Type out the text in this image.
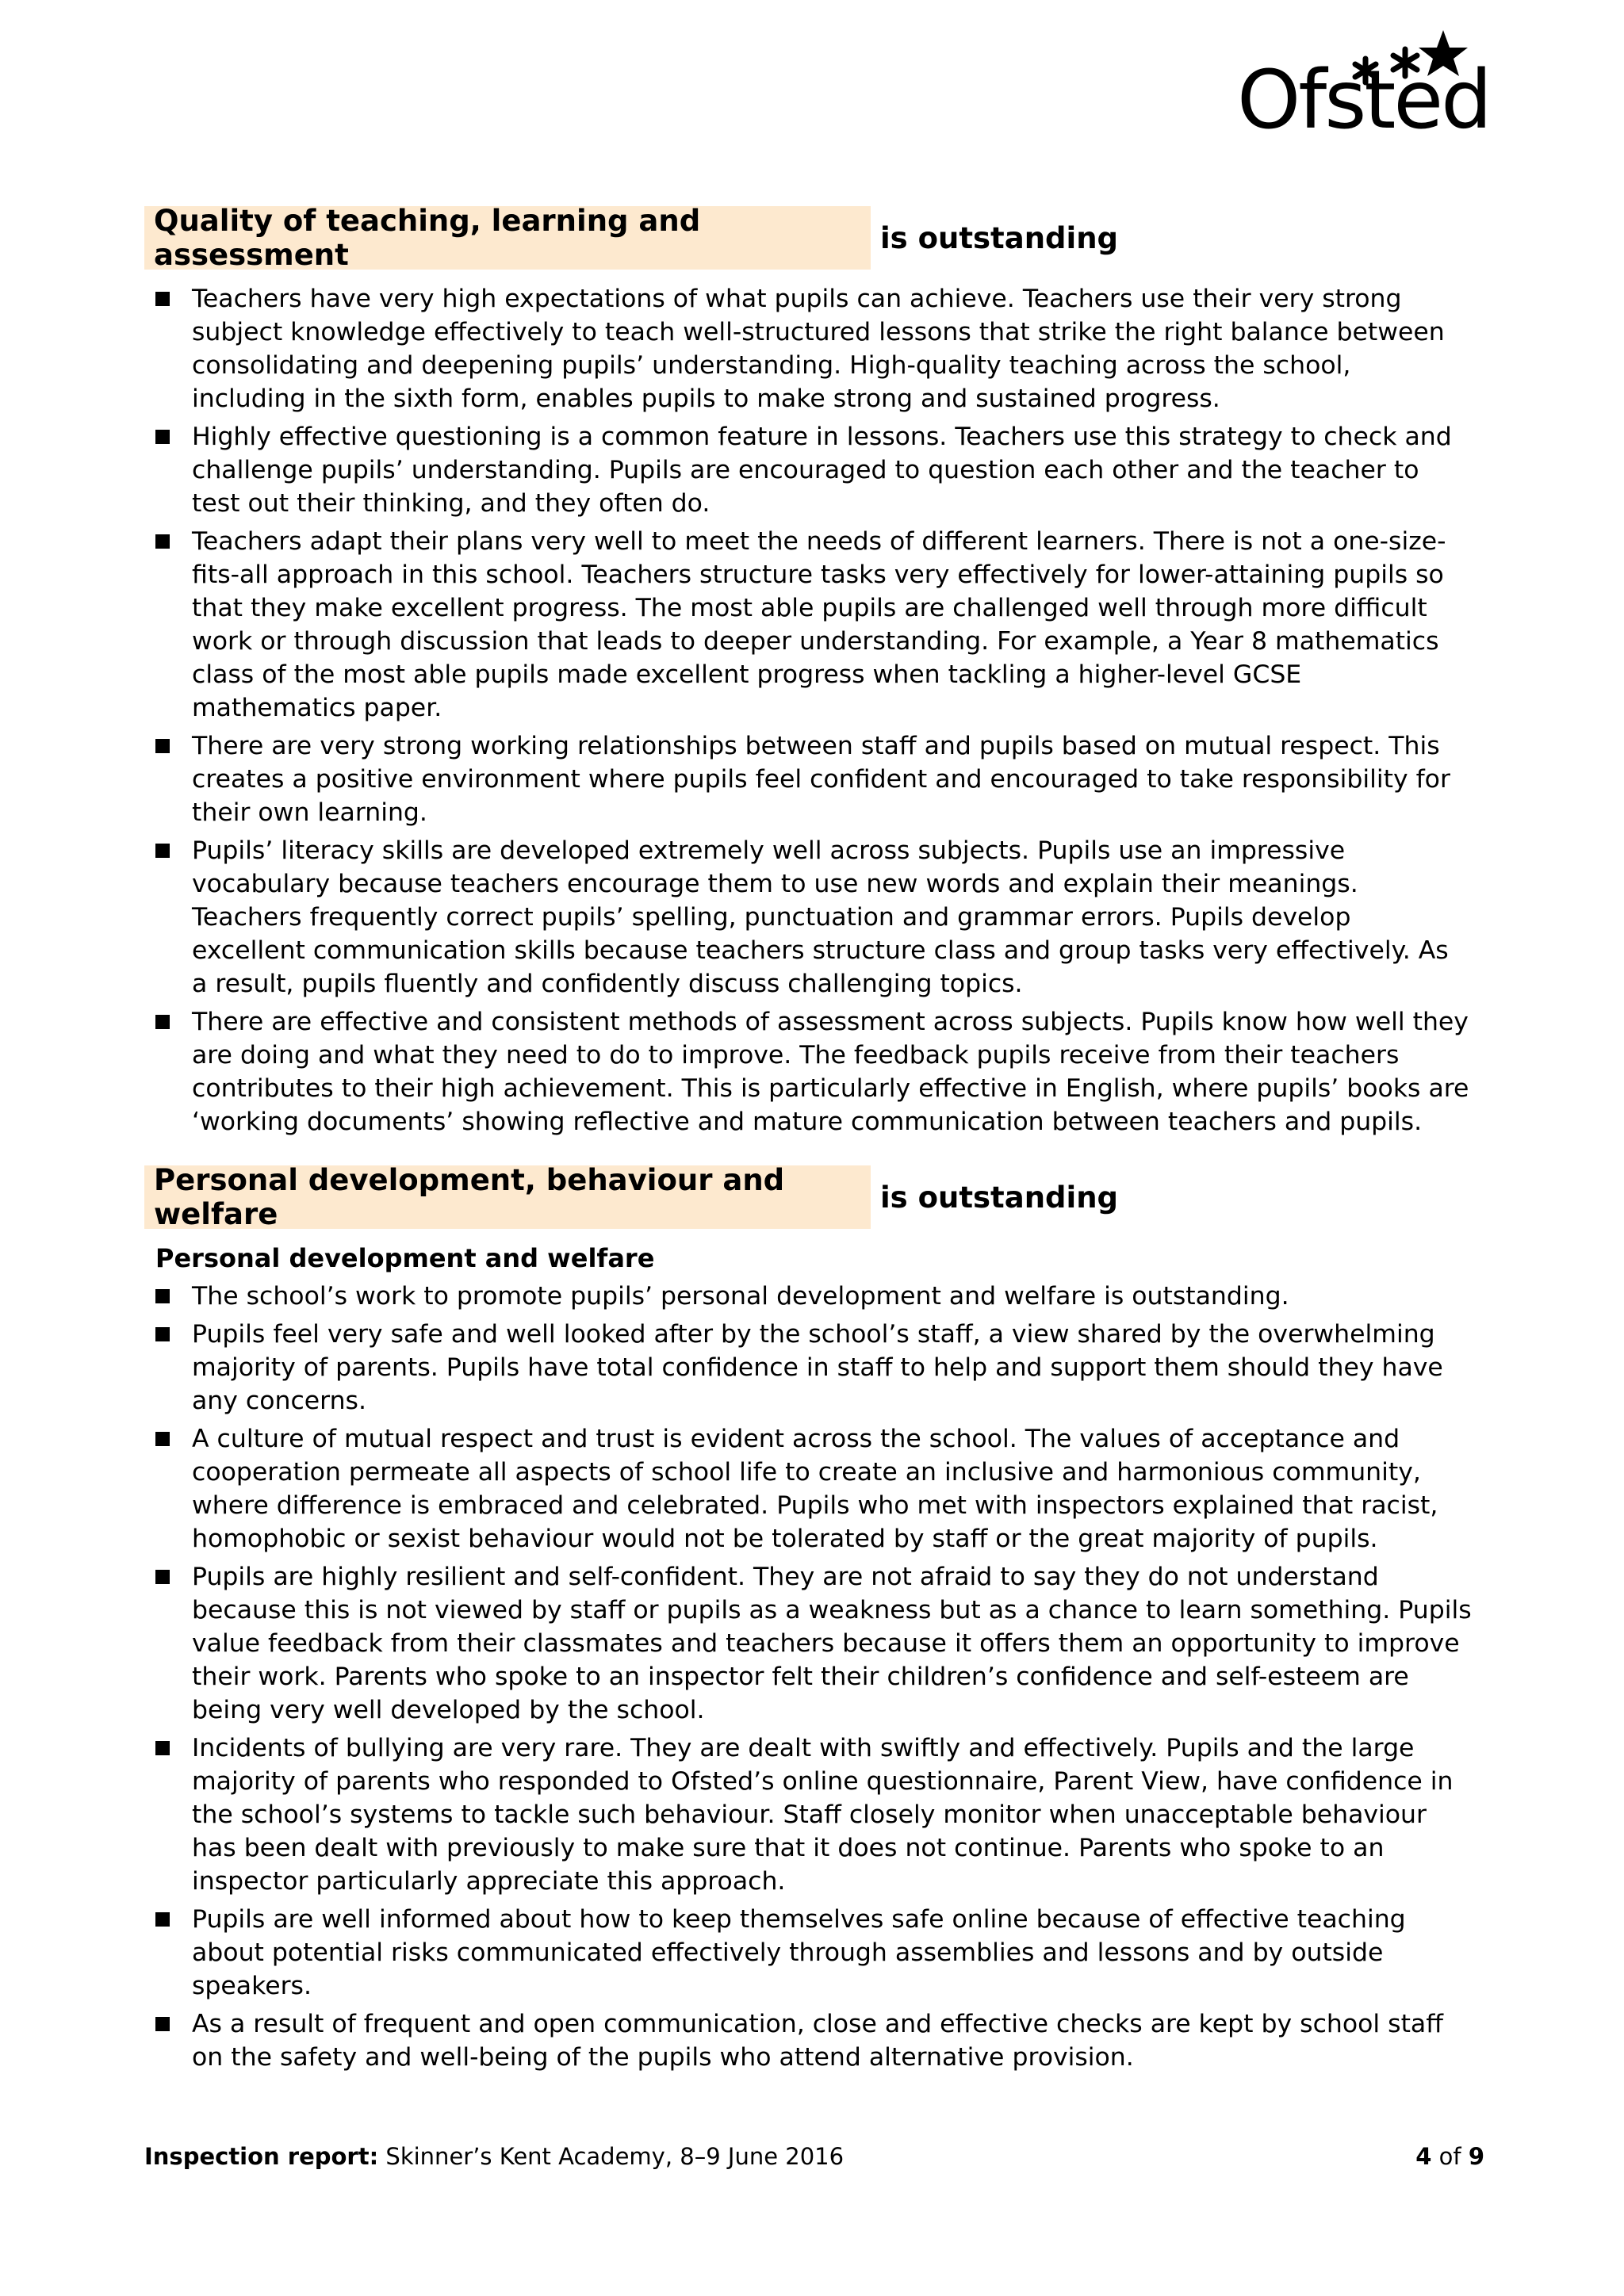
Ofsted
Quality of teaching, learning and assessment	is outstanding
Teachers have very high expectations of what pupils can achieve. Teachers use their very strong subject knowledge effectively to teach well-structured lessons that strike the right balance between consolidating and deepening pupils’ understanding. High-quality teaching across the school, including in the sixth form, enables pupils to make strong and sustained progress.
Highly effective questioning is a common feature in lessons. Teachers use this strategy to check and challenge pupils’ understanding. Pupils are encouraged to question each other and the teacher to test out their thinking, and they often do.
Teachers adapt their plans very well to meet the needs of different learners. There is not a one-size-fits-all approach in this school. Teachers structure tasks very effectively for lower-attaining pupils so that they make excellent progress. The most able pupils are challenged well through more difficult work or through discussion that leads to deeper understanding. For example, a Year 8 mathematics class of the most able pupils made excellent progress when tackling a higher-level GCSE mathematics paper.
There are very strong working relationships between staff and pupils based on mutual respect. This creates a positive environment where pupils feel confident and encouraged to take responsibility for their own learning.
Pupils’ literacy skills are developed extremely well across subjects. Pupils use an impressive vocabulary because teachers encourage them to use new words and explain their meanings. Teachers frequently correct pupils’ spelling, punctuation and grammar errors. Pupils develop excellent communication skills because teachers structure class and group tasks very effectively. As a result, pupils fluently and confidently discuss challenging topics.
There are effective and consistent methods of assessment across subjects. Pupils know how well they are doing and what they need to do to improve. The feedback pupils receive from their teachers contributes to their high achievement. This is particularly effective in English, where pupils’ books are ‘working documents’ showing reflective and mature communication between teachers and pupils.
Personal development, behaviour and welfare	is outstanding
Personal development and welfare
The school’s work to promote pupils’ personal development and welfare is outstanding.
Pupils feel very safe and well looked after by the school’s staff, a view shared by the overwhelming majority of parents. Pupils have total confidence in staff to help and support them should they have any concerns.
A culture of mutual respect and trust is evident across the school. The values of acceptance and cooperation permeate all aspects of school life to create an inclusive and harmonious community, where difference is embraced and celebrated. Pupils who met with inspectors explained that racist, homophobic or sexist behaviour would not be tolerated by staff or the great majority of pupils.
Pupils are highly resilient and self-confident. They are not afraid to say they do not understand because this is not viewed by staff or pupils as a weakness but as a chance to learn something. Pupils value feedback from their classmates and teachers because it offers them an opportunity to improve their work. Parents who spoke to an inspector felt their children’s confidence and self-esteem are being very well developed by the school.
Incidents of bullying are very rare. They are dealt with swiftly and effectively. Pupils and the large majority of parents who responded to Ofsted’s online questionnaire, Parent View, have confidence in the school’s systems to tackle such behaviour. Staff closely monitor when unacceptable behaviour has been dealt with previously to make sure that it does not continue. Parents who spoke to an inspector particularly appreciate this approach.
Pupils are well informed about how to keep themselves safe online because of effective teaching about potential risks communicated effectively through assemblies and lessons and by outside speakers.
As a result of frequent and open communication, close and effective checks are kept by school staff on the safety and well-being of the pupils who attend alternative provision.
Inspection report: Skinner’s Kent Academy, 8–9 June 2016	4 of 9
